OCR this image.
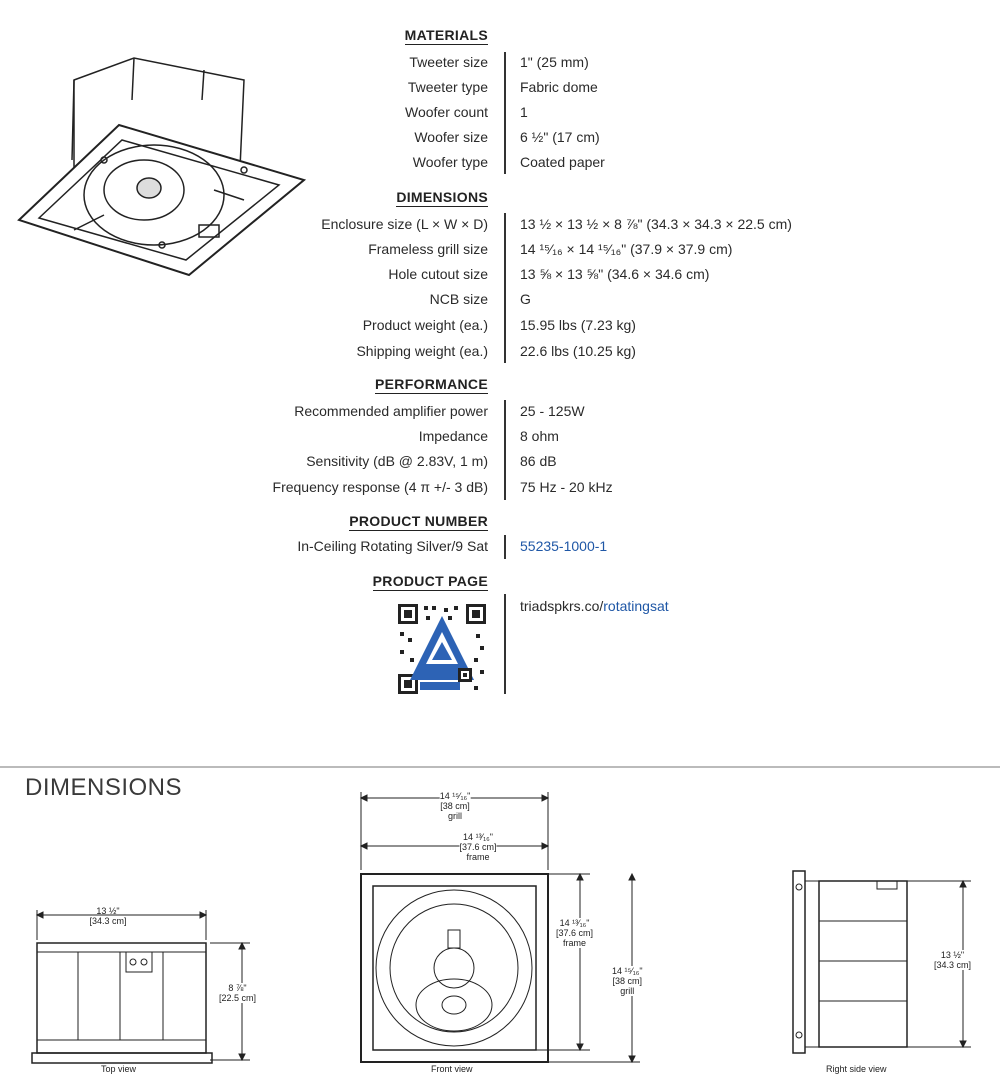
MATERIALS
Tweeter size 1" (25 mm)
Tweeter type Fabric dome
Woofer count 1
Woofer size 6 ½" (17 cm)
Woofer type Coated paper
DIMENSIONS
Enclosure size (L × W × D) 13 ½ × 13 ½ × 8 ⅞" (34.3 × 34.3 × 22.5 cm)
Frameless grill size 14 ¹⁵⁄₁₆ × 14 ¹⁵⁄₁₆" (37.9 × 37.9 cm)
Hole cutout size 13 ⅝ × 13 ⅝" (34.6 × 34.6 cm)
NCB size G
Product weight (ea.) 15.95 lbs (7.23 kg)
Shipping weight (ea.) 22.6 lbs (10.25 kg)
PERFORMANCE
Recommended amplifier power 25 - 125W
Impedance 8 ohm
Sensitivity (dB @ 2.83V, 1 m) 86 dB
Frequency response (4 π +/- 3 dB) 75 Hz - 20 kHz
PRODUCT NUMBER
In-Ceiling Rotating Silver/9 Sat 55235-1000-1
PRODUCT PAGE
triadspkrs.co/rotatingsat
DIMENSIONS
13 ½"
[34.3 cm]
8 ⅞"
[22.5 cm]
Top view
14 ¹⁵⁄₁₆"
[38 cm]
grill
14 ¹³⁄₁₆"
[37.6 cm]
frame
14 ¹³⁄₁₆"
[37.6 cm]
frame
14 ¹⁵⁄₁₆"
[38 cm]
grill
Front view
13 ½"
[34.3 cm]
Right side view
